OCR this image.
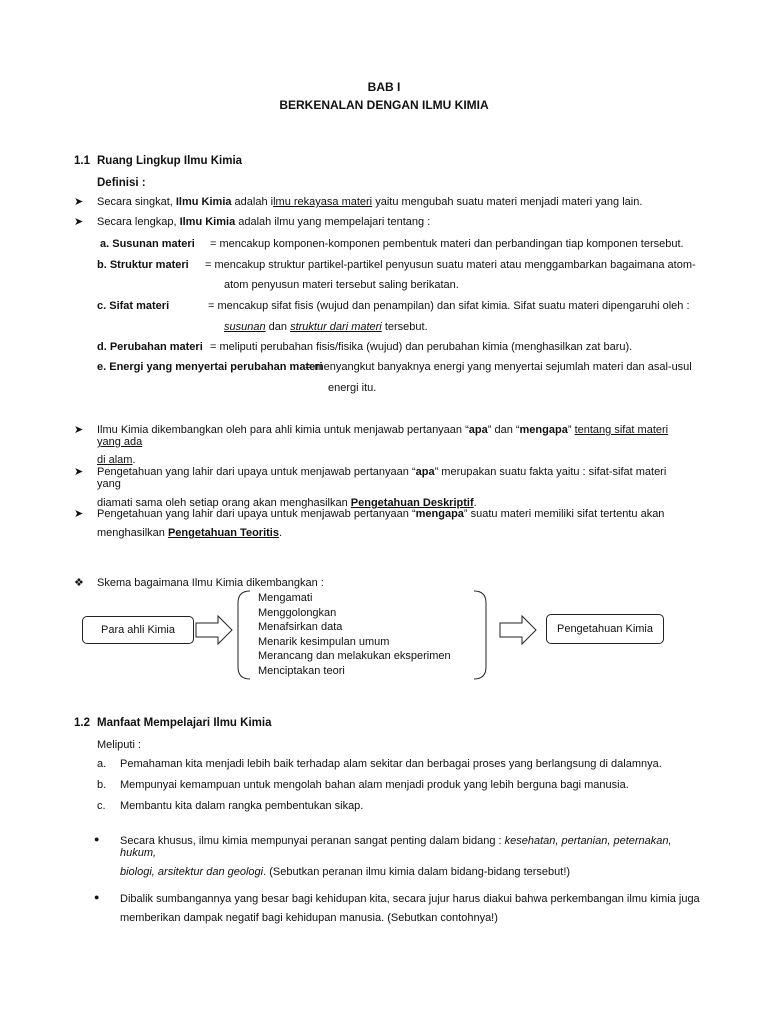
BAB I
BERKENALAN DENGAN ILMU KIMIA
1.1 Ruang Lingkup Ilmu Kimia
Definisi :
➤ Secara singkat, Ilmu Kimia adalah ilmu rekayasa materi yaitu mengubah suatu materi menjadi materi yang lain.
➤ Secara lengkap, Ilmu Kimia adalah ilmu yang mempelajari tentang :
a. Susunan materi = mencakup komponen-komponen pembentuk materi dan perbandingan tiap komponen tersebut.
b. Struktur materi = mencakup struktur partikel-partikel penyusun suatu materi atau menggambarkan bagaimana atom-
atom penyusun materi tersebut saling berikatan.
c. Sifat materi	= mencakup sifat fisis (wujud dan penampilan) dan sifat kimia. Sifat suatu materi dipengaruhi oleh :
susunan dan struktur dari materi tersebut.
d. Perubahan materi = meliputi perubahan fisis/fisika (wujud) dan perubahan kimia (menghasilkan zat baru).
e. Energi yang menyertai perubahan materi
= menyangkut banyaknya energi yang menyertai sejumlah materi dan asal-usul
energi itu.
➤ Ilmu Kimia dikembangkan oleh para ahli kimia untuk menjawab pertanyaan “apa” dan “mengapa” tentang sifat materi yang ada
di alam.
➤ Pengetahuan yang lahir dari upaya untuk menjawab pertanyaan “apa” merupakan suatu fakta yaitu : sifat-sifat materi yang
diamati sama oleh setiap orang akan menghasilkan Pengetahuan Deskriptif.
➤ Pengetahuan yang lahir dari upaya untuk menjawab pertanyaan “mengapa” suatu materi memiliki sifat tertentu akan
menghasilkan Pengetahuan Teoritis.
❖ Skema bagaimana Ilmu Kimia dikembangkan :
Para ahli Kimia	Pengetahuan Kimia
Mengamati
Menggolongkan
Menafsirkan data
Menarik kesimpulan umum
Merancang dan melakukan eksperimen
Menciptakan teori
1.2 Manfaat Mempelajari Ilmu Kimia
Meliputi :
a. Pemahaman kita menjadi lebih baik terhadap alam sekitar dan berbagai proses yang berlangsung di dalamnya.
b. Mempunyai kemampuan untuk mengolah bahan alam menjadi produk yang lebih berguna bagi manusia.
c. Membantu kita dalam rangka pembentukan sikap.
● Secara khusus, ilmu kimia mempunyai peranan sangat penting dalam bidang : kesehatan, pertanian, peternakan, hukum,
biologi, arsitektur dan geologi. (Sebutkan peranan ilmu kimia dalam bidang-bidang tersebut!)
● Dibalik sumbangannya yang besar bagi kehidupan kita, secara jujur harus diakui bahwa perkembangan ilmu kimia juga
memberikan dampak negatif bagi kehidupan manusia. (Sebutkan contohnya!)
